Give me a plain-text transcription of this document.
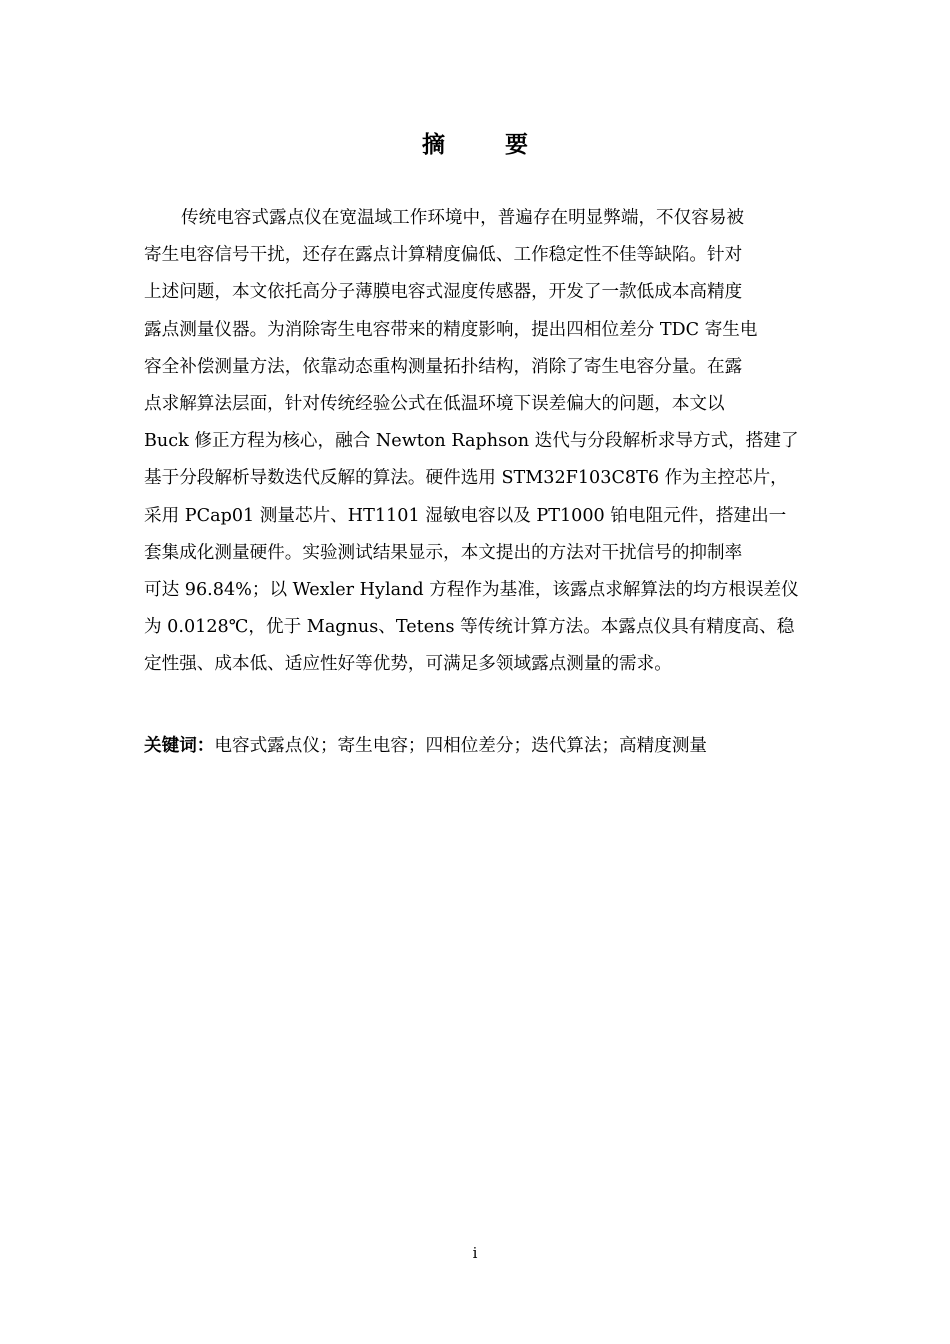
摘 要
传统电容式露点仪在宽温域工作环境中，普遍存在明显弊端，不仅容易被
寄生电容信号干扰，还存在露点计算精度偏低、工作稳定性不佳等缺陷。针对
上述问题，本文依托高分子薄膜电容式湿度传感器，开发了一款低成本高精度
露点测量仪器。为消除寄生电容带来的精度影响，提出四相位差分 TDC 寄生电
容全补偿测量方法，依靠动态重构测量拓扑结构，消除了寄生电容分量。在露
点求解算法层面，针对传统经验公式在低温环境下误差偏大的问题，本文以
Buck 修正方程为核心，融合 Newton Raphson 迭代与分段解析求导方式，搭建了
基于分段解析导数迭代反解的算法。硬件选用 STM32F103C8T6 作为主控芯片，
采用 PCap01 测量芯片、HT1101 湿敏电容以及 PT1000 铂电阻元件，搭建出一
套集成化测量硬件。实验测试结果显示，本文提出的方法对干扰信号的抑制率
可达 96.84%；以 Wexler Hyland 方程作为基准，该露点求解算法的均方根误差仪
为 0.0128℃，优于 Magnus、Tetens 等传统计算方法。本露点仪具有精度高、稳
定性强、成本低、适应性好等优势，可满足多领域露点测量的需求。

关键词：电容式露点仪；寄生电容；四相位差分；迭代算法；高精度测量

i
